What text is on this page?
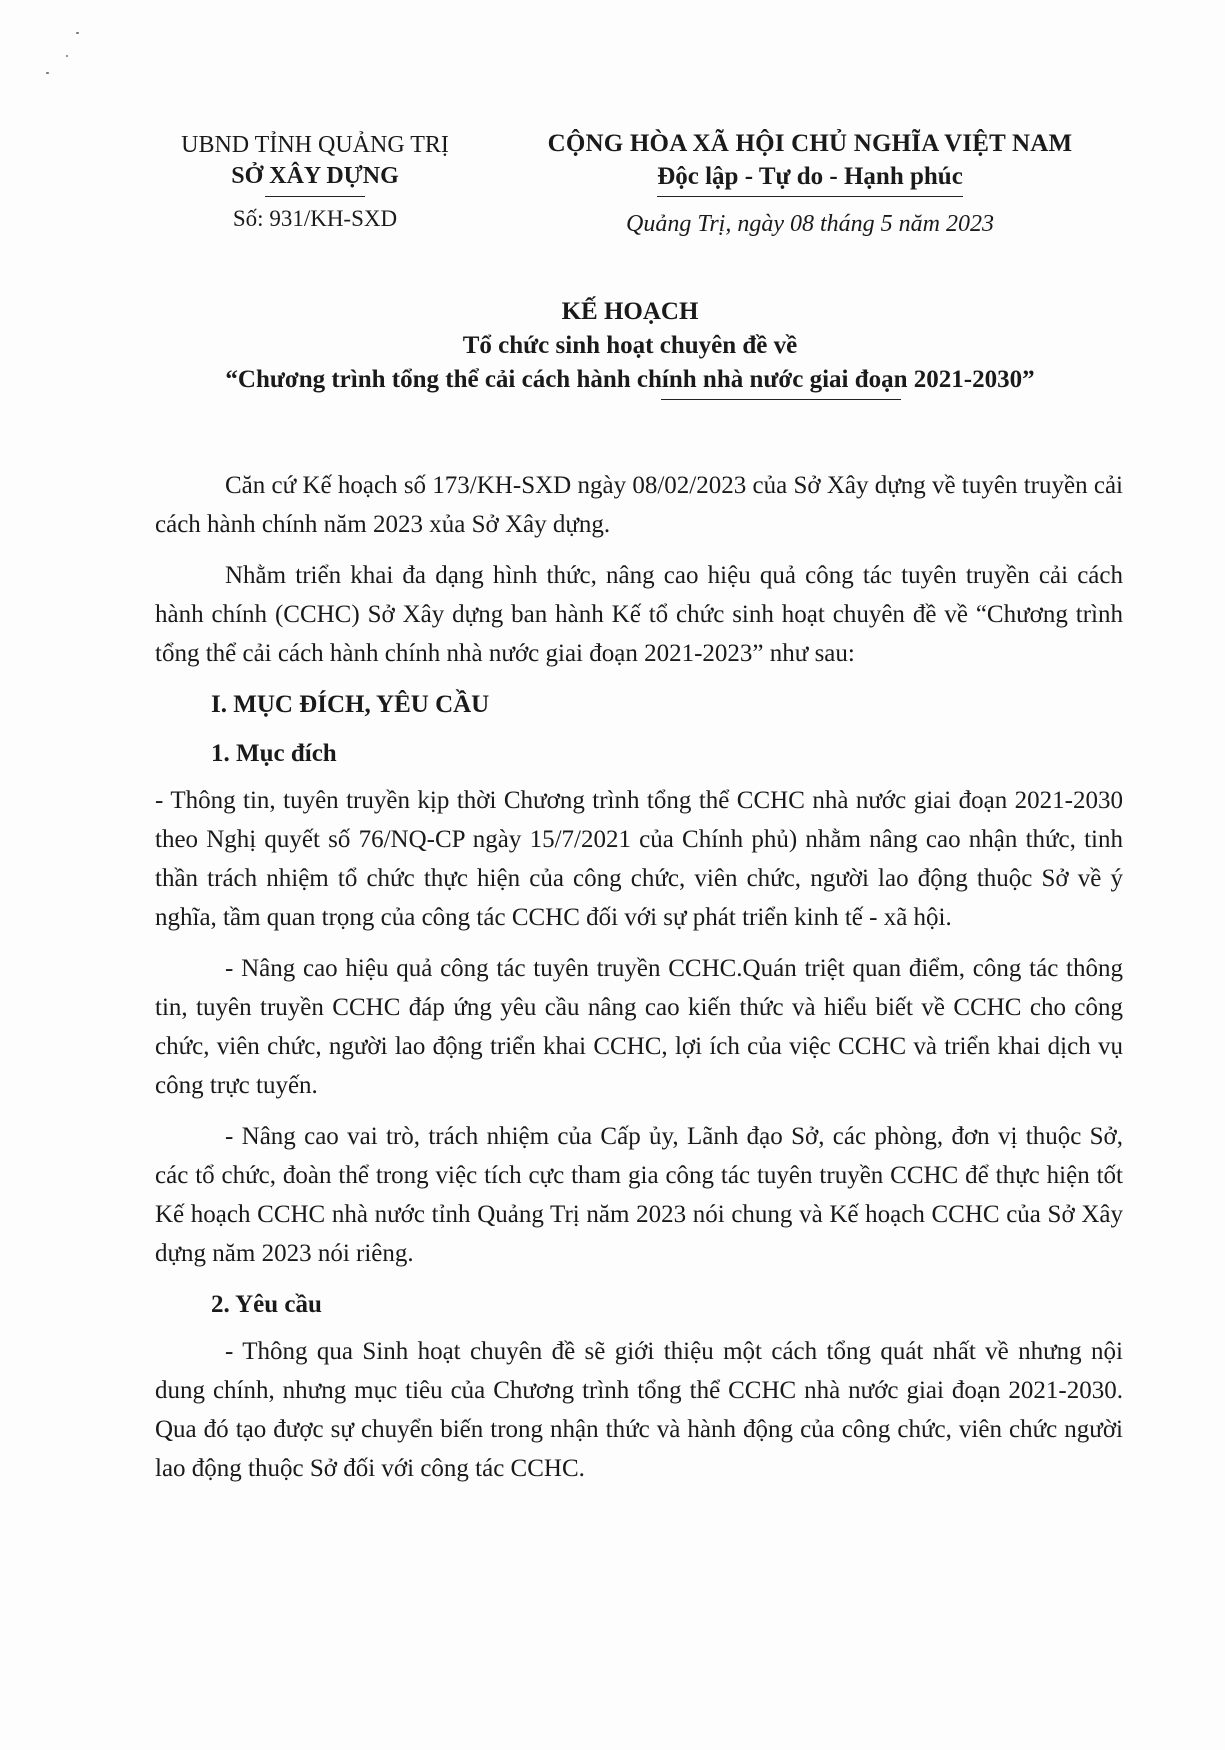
UBND TỈNH QUẢNG TRỊ
SỞ XÂY DỰNG
Số: 931/KH-SXD
CỘNG HÒA XÃ HỘI CHỦ NGHĨA VIỆT NAM
Độc lập - Tự do - Hạnh phúc
Quảng Trị, ngày 08 tháng 5 năm 2023
KẾ HOẠCH
Tổ chức sinh hoạt chuyên đề về
“Chương trình tổng thể cải cách hành chính nhà nước giai đoạn 2021-2030”

Căn cứ Kế hoạch số 173/KH-SXD ngày 08/02/2023 của Sở Xây dựng về tuyên truyền cải cách hành chính năm 2023 xủa Sở Xây dựng.

Nhằm triển khai đa dạng hình thức, nâng cao hiệu quả công tác tuyên truyền cải cách hành chính (CCHC) Sở Xây dựng ban hành Kế tổ chức sinh hoạt chuyên đề về “Chương trình tổng thể cải cách hành chính nhà nước giai đoạn 2021-2023” như sau:

I. MỤC ĐÍCH, YÊU CẦU

1. Mục đích

- Thông tin, tuyên truyền kịp thời Chương trình tổng thể CCHC nhà nước giai đoạn 2021-2030 theo Nghị quyết số 76/NQ-CP ngày 15/7/2021 của Chính phủ) nhằm nâng cao nhận thức, tinh thần trách nhiệm tổ chức thực hiện của công chức, viên chức, người lao động thuộc Sở về ý nghĩa, tầm quan trọng của công tác CCHC đối với sự phát triển kinh tế - xã hội.

- Nâng cao hiệu quả công tác tuyên truyền CCHC.Quán triệt quan điểm, công tác thông tin, tuyên truyền CCHC đáp ứng yêu cầu nâng cao kiến thức và hiểu biết về CCHC cho công chức, viên chức, người lao động triển khai CCHC, lợi ích của việc CCHC và triển khai dịch vụ công trực tuyến.

- Nâng cao vai trò, trách nhiệm của Cấp ủy, Lãnh đạo Sở, các phòng, đơn vị thuộc Sở, các tổ chức, đoàn thể trong việc tích cực tham gia công tác tuyên truyền CCHC để thực hiện tốt Kế hoạch CCHC nhà nước tỉnh Quảng Trị năm 2023 nói chung và Kế hoạch CCHC của Sở Xây dựng năm 2023 nói riêng.

2. Yêu cầu

- Thông qua Sinh hoạt chuyên đề sẽ giới thiệu một cách tổng quát nhất về nhưng nội dung chính, nhưng mục tiêu của Chương trình tổng thể CCHC nhà nước giai đoạn 2021-2030. Qua đó tạo được sự chuyển biến trong nhận thức và hành động của công chức, viên chức người lao động thuộc Sở đối với công tác CCHC.
